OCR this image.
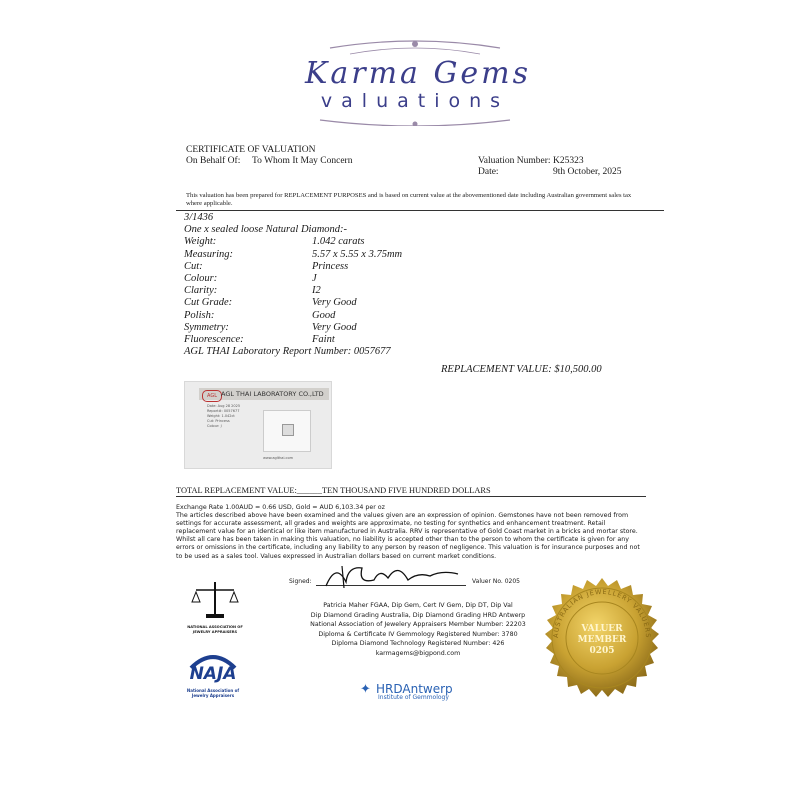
Karma Gems
valuations
CERTIFICATE OF VALUATION
On Behalf Of: To Whom It May Concern	Valuation Number: K25323
Date:	9th October, 2025
This valuation has been prepared for REPLACEMENT PURPOSES and is based on current value at the abovementioned date including Australian government sales tax where applicable.
3/1436
One x sealed loose Natural Diamond:-
Weight:	1.042 carats
Measuring:	5.57 x 5.55 x 3.75mm
Cut:	Princess
Colour:	J
Clarity:	I2
Cut Grade:	Very Good
Polish:	Good
Symmetry:	Very Good
Fluorescence:	Faint
AGL THAI Laboratory Report Number: 0057677
REPLACEMENT VALUE: $10,500.00
AGL AGL THAI LABORATORY CO.,LTD
Date: Aug 28 2025
Report#: 0057677
Weight: 1.042ct
Cut: Princess
Colour: J
www.aglthai.com
TOTAL REPLACEMENT VALUE:______TEN THOUSAND FIVE HUNDRED DOLLARS
Exchange Rate 1.00AUD = 0.66 USD, Gold = AUD 6,103.34 per oz
The articles described above have been examined and the values given are an expression of opinion. Gemstones have not been removed from settings for accurate assessment, all grades and weights are approximate, no testing for synthetics and enhancement treatment. Retail replacement value for an identical or like item manufactured in Australia. RRV is representative of Gold Coast market in a bricks and mortar store. Whilst all care has been taken in making this valuation, no liability is accepted other than to the person to whom the certificate is given for any errors or omissions in the certificate, including any liability to any person by reason of negligence. This valuation is for insurance purposes and not to be used as a sales tool. Values expressed in Australian dollars based on current market conditions.
Signed:	Valuer No. 0205
Patricia Maher FGAA, Dip Gem, Cert IV Gem, Dip DT, Dip Val
Dip Diamond Grading Australia, Dip Diamond Grading HRD Antwerp
National Association of Jewelery Appraisers Member Number: 22203
Diploma & Certificate IV Gemmology Registered Number: 3780
Diploma Diamond Technology Registered Number: 426
karmagems@bigpond.com
NATIONAL ASSOCIATION OF JEWELRY APPRAISERS
NAJA
National Association of
Jewelry Appraisers	✦ HRDAntwerp
Institute of Gemmology
AUSTRALIAN JEWELLERY VALUERS
VALUER
MEMBER
0205
